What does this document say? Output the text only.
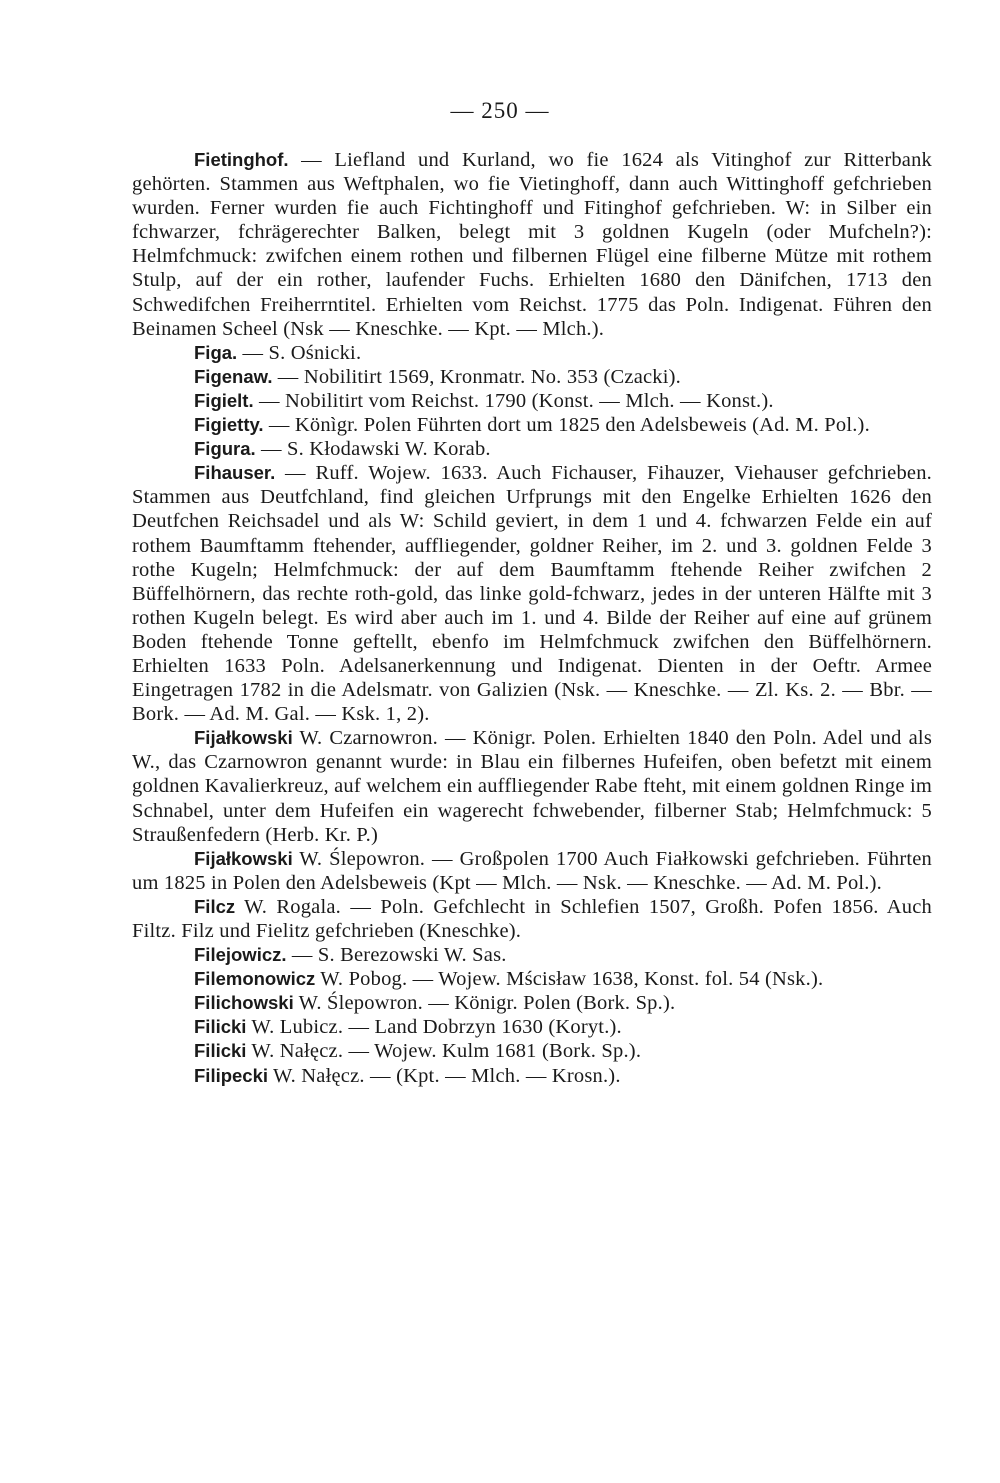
— 250 —

Fietinghof. — Liefland und Kurland, wo fie 1624 als Vitinghof zur Ritterbank gehörten. Stammen aus Weftphalen, wo fie Vietinghoff, dann auch Wittinghoff gefchrieben wurden. Ferner wurden fie auch Fichtinghoff und Fitinghof gefchrieben. W: in Silber ein fchwarzer, fchrägerechter Balken, belegt mit 3 goldnen Kugeln (oder Mufcheln?): Helmfchmuck: zwifchen einem rothen und filbernen Flügel eine filberne Mütze mit rothem Stulp, auf der ein rother, laufender Fuchs. Erhielten 1680 den Dänifchen, 1713 den Schwedifchen Freiherrntitel. Erhielten vom Reichst. 1775 das Poln. Indigenat. Führen den Beinamen Scheel (Nsk — Kneschke. — Kpt. — Mlch.).

Figa. — S. Ośnicki.

Figenaw. — Nobilitirt 1569, Kronmatr. No. 353 (Czacki).

Figielt. — Nobilitirt vom Reichst. 1790 (Konst. — Mlch. — Konst.).

Figietty. — Könìgr. Polen Führten dort um 1825 den Adelsbeweis (Ad. M. Pol.).

Figura. — S. Kłodawski W. Korab.

Fihauser. — Ruff. Wojew. 1633. Auch Fichauser, Fihauzer, Viehauser gefchrieben. Stammen aus Deutfchland, find gleichen Urfprungs mit den Engelke Erhielten 1626 den Deutfchen Reichsadel und als W: Schild geviert, in dem 1 und 4. fchwarzen Felde ein auf rothem Baumftamm ftehender, auffliegender, goldner Reiher, im 2. und 3. goldnen Felde 3 rothe Kugeln; Helmfchmuck: der auf dem Baumftamm ftehende Reiher zwifchen 2 Büffelhörnern, das rechte roth-gold, das linke gold-fchwarz, jedes in der unteren Hälfte mit 3 rothen Kugeln belegt. Es wird aber auch im 1. und 4. Bilde der Reiher auf eine auf grünem Boden ftehende Tonne geftellt, ebenfo im Helmfchmuck zwifchen den Büffelhörnern. Erhielten 1633 Poln. Adelsanerkennung und Indigenat. Dienten in der Oeftr. Armee Eingetragen 1782 in die Adelsmatr. von Galizien (Nsk. — Kneschke. — Zl. Ks. 2. — Bbr. — Bork. — Ad. M. Gal. — Ksk. 1, 2).

Fijałkowski W. Czarnowron. — Königr. Polen. Erhielten 1840 den Poln. Adel und als W., das Czarnowron genannt wurde: in Blau ein filbernes Hufeifen, oben befetzt mit einem goldnen Kavalierkreuz, auf welchem ein auffliegender Rabe fteht, mit einem goldnen Ringe im Schnabel, unter dem Hufeifen ein wagerecht fchwebender, filberner Stab; Helmfchmuck: 5 Straußenfedern (Herb. Kr. P.)

Fijałkowski W. Ślepowron. — Großpolen 1700 Auch Fiałkowski gefchrieben. Führten um 1825 in Polen den Adelsbeweis (Kpt — Mlch. — Nsk. — Kneschke. — Ad. M. Pol.).

Filcz W. Rogala. — Poln. Gefchlecht in Schlefien 1507, Großh. Pofen 1856. Auch Filtz. Filz und Fielitz gefchrieben (Kneschke).

Filejowicz. — S. Berezowski W. Sas.

Filemonowicz W. Pobog. — Wojew. Mścisław 1638, Konst. fol. 54 (Nsk.).

Filichowski W. Ślepowron. — Königr. Polen (Bork. Sp.).

Filicki W. Lubicz. — Land Dobrzyn 1630 (Koryt.).

Filicki W. Nałęcz. — Wojew. Kulm 1681 (Bork. Sp.).

Filipecki W. Nałęcz. — (Kpt. — Mlch. — Krosn.).
